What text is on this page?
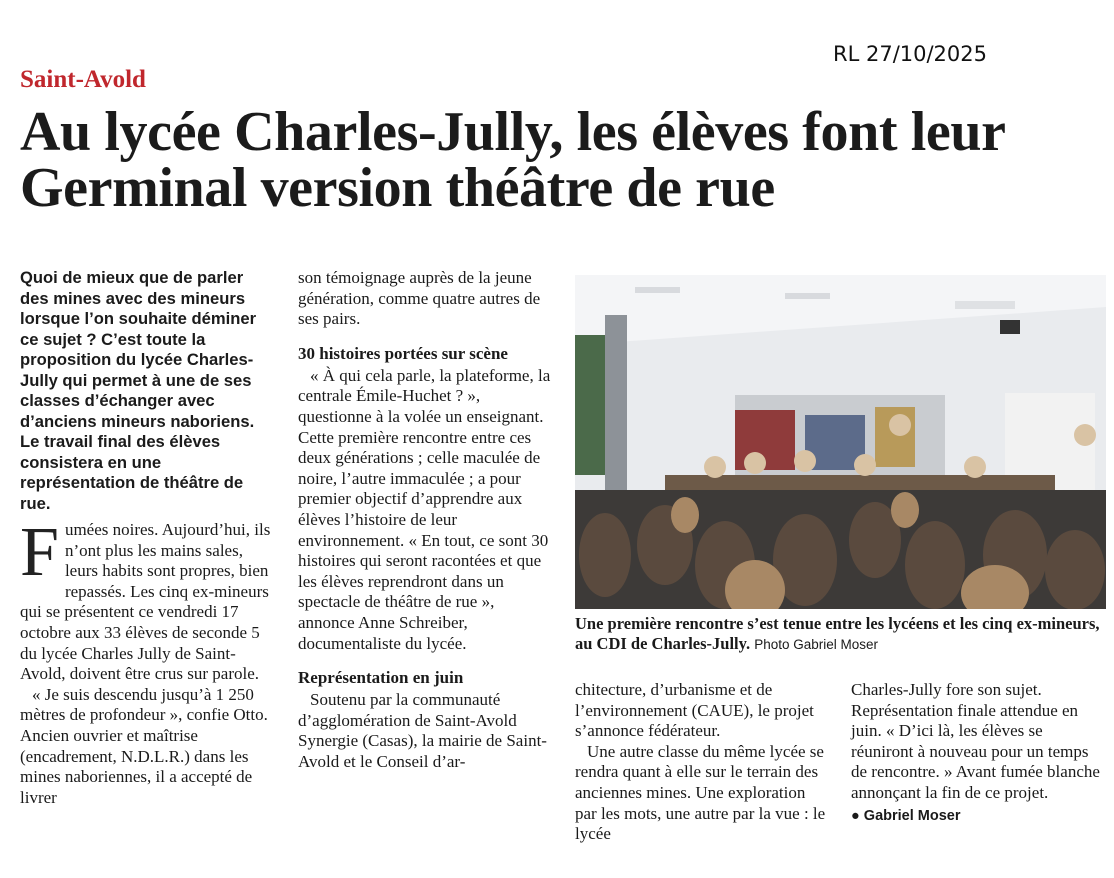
RL 27/10/2025
Saint-Avold
Au lycée Charles-Jully, les élèves font leur Germinal version théâtre de rue
Quoi de mieux que de parler des mines avec des mineurs lorsque l’on souhaite déminer ce sujet ? C’est toute la proposition du lycée Charles-Jully qui permet à une de ses classes d’échanger avec d’anciens mineurs naboriens. Le travail final des élèves consistera en une représentation de théâtre de rue.

Fumées noires. Aujourd’hui, ils n’ont plus les mains sales, leurs habits sont propres, bien repassés. Les cinq ex-mineurs qui se présentent ce vendredi 17 octobre aux 33 élèves de seconde 5 du lycée Charles Jully de Saint-Avold, doivent être crus sur parole.

« Je suis descendu jusqu’à 1 250 mètres de profondeur », confie Otto. Ancien ouvrier et maîtrise (encadrement, N.D.L.R.) dans les mines naboriennes, il a accepté de livrer

son témoignage auprès de la jeune génération, comme quatre autres de ses pairs.

30 histoires portées sur scène

« À qui cela parle, la plateforme, la centrale Émile-Huchet ? », questionne à la volée un enseignant. Cette première rencontre entre ces deux générations ; celle maculée de noire, l’autre immaculée ; a pour premier objectif d’apprendre aux élèves l’histoire de leur environnement. « En tout, ce sont 30 histoires qui seront racontées et que les élèves reprendront dans un spectacle de théâtre de rue », annonce Anne Schreiber, documentaliste du lycée.

Représentation en juin

Soutenu par la communauté d’agglomération de Saint-Avold Synergie (Casas), la mairie de Saint-Avold et le Conseil d’ar-

Une première rencontre s’est tenue entre les lycéens et les cinq ex-mineurs, au CDI de Charles-Jully. Photo Gabriel Moser

chitecture, d’urbanisme et de l’environnement (CAUE), le projet s’annonce fédérateur.

Une autre classe du même lycée se rendra quant à elle sur le terrain des anciennes mines. Une exploration par les mots, une autre par la vue : le lycée

Charles-Jully fore son sujet. Représentation finale attendue en juin. « D’ici là, les élèves se réuniront à nouveau pour un temps de rencontre. » Avant fumée blanche annonçant la fin de ce projet.

● Gabriel Moser
